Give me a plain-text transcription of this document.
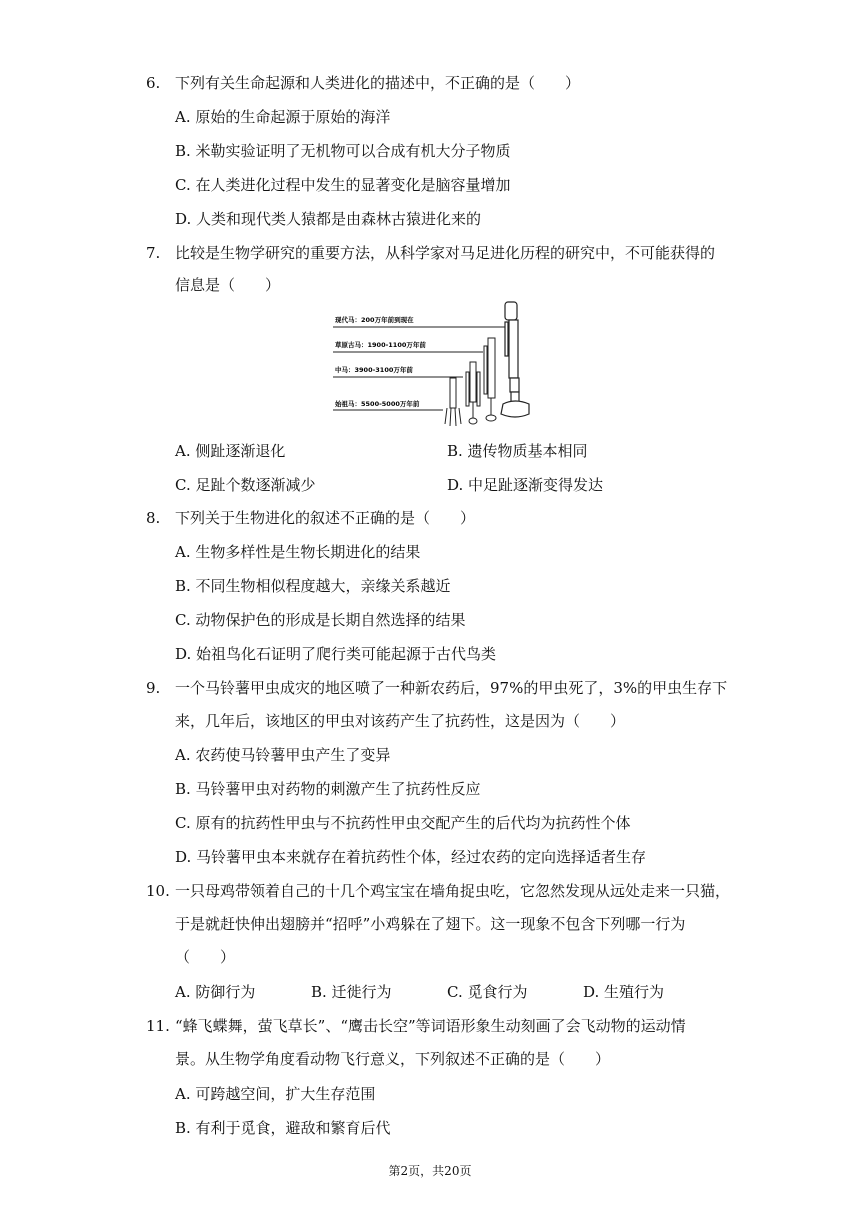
6. 下列有关生命起源和人类进化的描述中，不正确的是（　　）
A. 原始的生命起源于原始的海洋
B. 米勒实验证明了无机物可以合成有机大分子物质
C. 在人类进化过程中发生的显著变化是脑容量增加
D. 人类和现代类人猿都是由森林古猿进化来的
7. 比较是生物学研究的重要方法，从科学家对马足进化历程的研究中，不可能获得的
信息是（　　）
现代马：200万年前到现在
草原古马：1900-1100万年前
中马：3900-3100万年前
始祖马：5500-5000万年前
A. 侧趾逐渐退化	B. 遗传物质基本相同
C. 足趾个数逐渐减少	D. 中足趾逐渐变得发达
8. 下列关于生物进化的叙述不正确的是（　　）
A. 生物多样性是生物长期进化的结果
B. 不同生物相似程度越大，亲缘关系越近
C. 动物保护色的形成是长期自然选择的结果
D. 始祖鸟化石证明了爬行类可能起源于古代鸟类
9. 一个马铃薯甲虫成灾的地区喷了一种新农药后，97%的甲虫死了，3%的甲虫生存下
来，几年后，该地区的甲虫对该药产生了抗药性，这是因为（　　）
A. 农药使马铃薯甲虫产生了变异
B. 马铃薯甲虫对药物的刺激产生了抗药性反应
C. 原有的抗药性甲虫与不抗药性甲虫交配产生的后代均为抗药性个体
D. 马铃薯甲虫本来就存在着抗药性个体，经过农药的定向选择适者生存
10. 一只母鸡带领着自己的十几个鸡宝宝在墙角捉虫吃，它忽然发现从远处走来一只猫，
于是就赶快伸出翅膀并“招呼”小鸡躲在了翅下。这一现象不包含下列哪一行为
（　　）
A. 防御行为	B. 迁徙行为	C. 觅食行为	D. 生殖行为
11. “蜂飞蝶舞，萤飞草长”、“鹰击长空”等词语形象生动刻画了会飞动物的运动情
景。从生物学角度看动物飞行意义，下列叙述不正确的是（　　）
A. 可跨越空间，扩大生存范围
B. 有利于觅食，避敌和繁育后代
第2页，共20页
